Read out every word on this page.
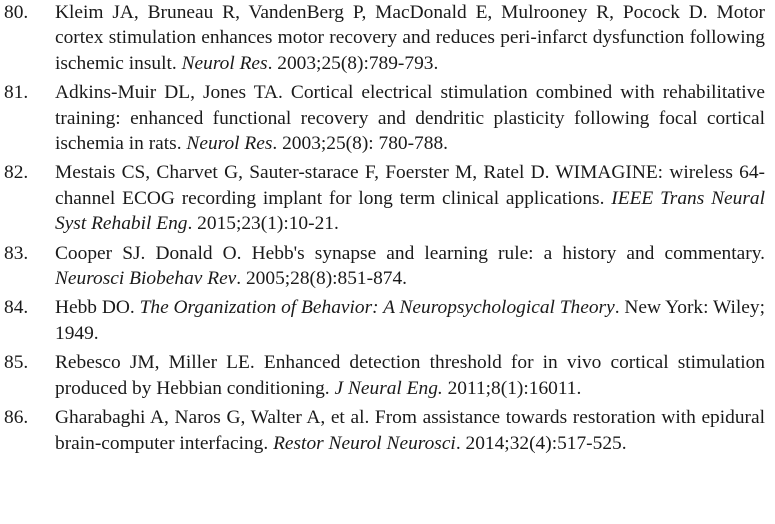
80. Kleim JA, Bruneau R, VandenBerg P, MacDonald E, Mulrooney R, Pocock D. Motor cortex stimulation enhances motor recovery and reduces peri-infarct dysfunction following ischemic insult. Neurol Res. 2003;25(8):789-793.

81. Adkins-Muir DL, Jones TA. Cortical electrical stimulation combined with rehabilitative training: enhanced functional recovery and dendritic plasticity following focal cortical ischemia in rats. Neurol Res. 2003;25(8): 780-788.

82. Mestais CS, Charvet G, Sauter-starace F, Foerster M, Ratel D. WIMAGINE: wireless 64-channel ECOG recording implant for long term clinical applications. IEEE Trans Neural Syst Rehabil Eng. 2015;23(1):10-21.

83. Cooper SJ. Donald O. Hebb's synapse and learning rule: a history and commentary. Neurosci Biobehav Rev. 2005;28(8):851-874.

84. Hebb DO. The Organization of Behavior: A Neuropsychological Theory. New York: Wiley; 1949.

85. Rebesco JM, Miller LE. Enhanced detection threshold for in vivo cortical stimulation produced by Hebbian conditioning. J Neural Eng. 2011;8(1):16011.

86. Gharabaghi A, Naros G, Walter A, et al. From assistance towards restoration with epidural brain-computer interfacing. Restor Neurol Neurosci. 2014;32(4):517-525.
